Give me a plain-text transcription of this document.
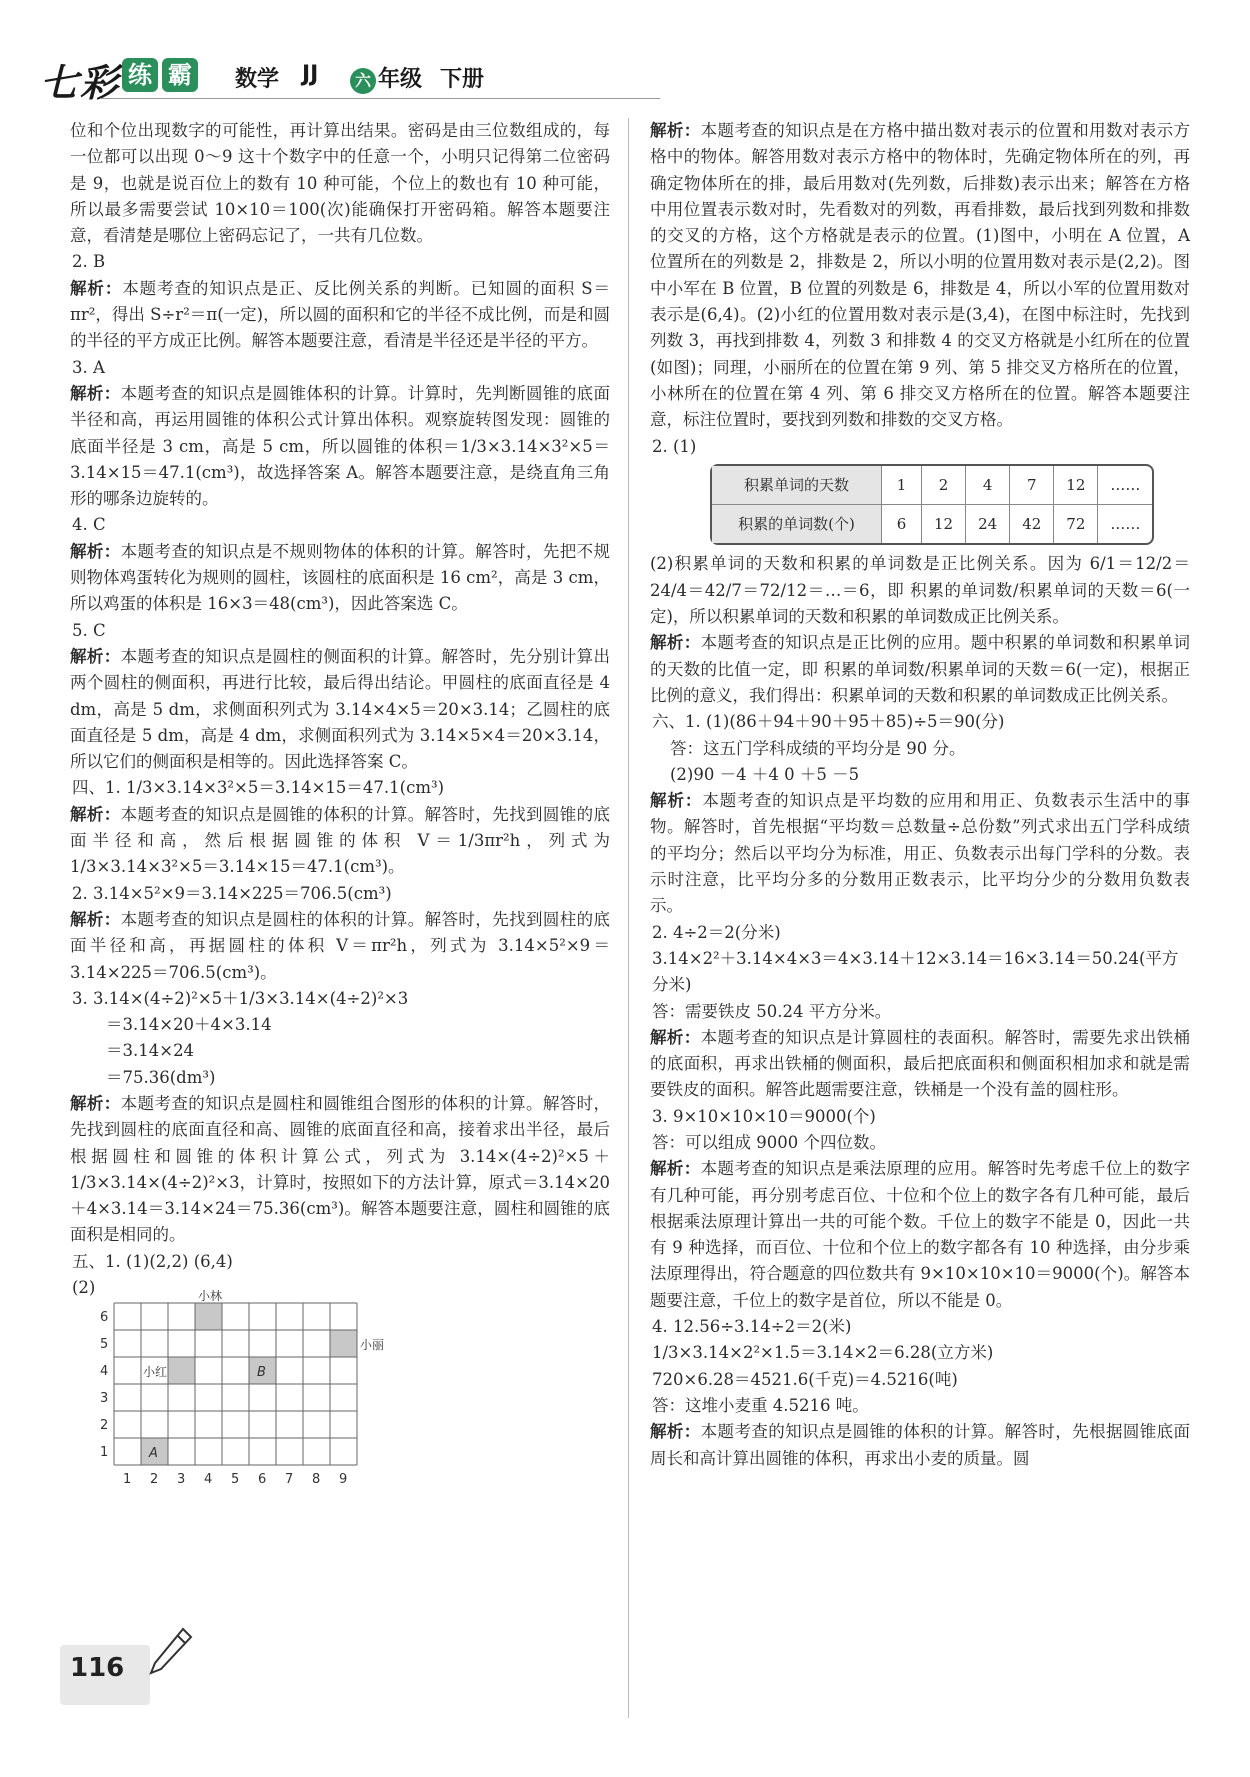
七彩 练 霸 数学 JJ	六 年级 下册
位和个位出现数字的可能性，再计算出结果。密码是由三位数组成的，每一位都可以出现 0～9 这十个数字中的任意一个，小明只记得第二位密码是 9，也就是说百位上的数有 10 种可能，个位上的数也有 10 种可能，所以最多需要尝试 10×10＝100(次)能确保打开密码箱。解答本题要注意，看清楚是哪位上密码忘记了，一共有几位数。
2. B
解析：本题考查的知识点是正、反比例关系的判断。已知圆的面积 S＝πr²，得出 S÷r²＝π(一定)，所以圆的面积和它的半径不成比例，而是和圆的半径的平方成正比例。解答本题要注意，看清是半径还是半径的平方。
3. A
解析：本题考查的知识点是圆锥体积的计算。计算时，先判断圆锥的底面半径和高，再运用圆锥的体积公式计算出体积。观察旋转图发现：圆锥的底面半径是 3 cm，高是 5 cm，所以圆锥的体积＝1/3×3.14×3²×5＝3.14×15＝47.1(cm³)，故选择答案 A。解答本题要注意，是绕直角三角形的哪条边旋转的。
4. C
解析：本题考查的知识点是不规则物体的体积的计算。解答时，先把不规则物体鸡蛋转化为规则的圆柱，该圆柱的底面积是 16 cm²，高是 3 cm，所以鸡蛋的体积是 16×3＝48(cm³)，因此答案选 C。
5. C
解析：本题考查的知识点是圆柱的侧面积的计算。解答时，先分别计算出两个圆柱的侧面积，再进行比较，最后得出结论。甲圆柱的底面直径是 4 dm，高是 5 dm，求侧面积列式为 3.14×4×5＝20×3.14；乙圆柱的底面直径是 5 dm，高是 4 dm，求侧面积列式为 3.14×5×4＝20×3.14，所以它们的侧面积是相等的。因此选择答案 C。
四、1. 1/3×3.14×3²×5＝3.14×15＝47.1(cm³)
解析：本题考查的知识点是圆锥的体积的计算。解答时，先找到圆锥的底面半径和高，然后根据圆锥的体积 V＝1/3πr²h，列式为 1/3×3.14×3²×5＝3.14×15＝47.1(cm³)。
2. 3.14×5²×9＝3.14×225＝706.5(cm³)
解析：本题考查的知识点是圆柱的体积的计算。解答时，先找到圆柱的底面半径和高，再据圆柱的体积 V＝πr²h，列式为 3.14×5²×9＝3.14×225＝706.5(cm³)。
3. 3.14×(4÷2)²×5＋1/3×3.14×(4÷2)²×3
＝3.14×20＋4×3.14
＝3.14×24
＝75.36(dm³)
解析：本题考查的知识点是圆柱和圆锥组合图形的体积的计算。解答时，先找到圆柱的底面直径和高、圆锥的底面直径和高，接着求出半径，最后根据圆柱和圆锥的体积计算公式，列式为 3.14×(4÷2)²×5＋1/3×3.14×(4÷2)²×3，计算时，按照如下的方法计算，原式＝3.14×20＋4×3.14＝3.14×24＝75.36(cm³)。解答本题要注意，圆柱和圆锥的底面积是相同的。
五、1. (1)(2,2) (6,4)
(2)
6
5
4
3
2
1
1 2 3 4 5 6 7 8 9
A
B
小红
小丽
小林
解析：本题考查的知识点是在方格中描出数对表示的位置和用数对表示方格中的物体。解答用数对表示方格中的物体时，先确定物体所在的列，再确定物体所在的排，最后用数对(先列数，后排数)表示出来；解答在方格中用位置表示数对时，先看数对的列数，再看排数，最后找到列数和排数的交叉的方格，这个方格就是表示的位置。(1)图中，小明在 A 位置，A 位置所在的列数是 2，排数是 2，所以小明的位置用数对表示是(2,2)。图中小军在 B 位置，B 位置的列数是 6，排数是 4，所以小军的位置用数对表示是(6,4)。(2)小红的位置用数对表示是(3,4)，在图中标注时，先找到列数 3，再找到排数 4，列数 3 和排数 4 的交叉方格就是小红所在的位置(如图)；同理，小丽所在的位置在第 9 列、第 5 排交叉方格所在的位置，小林所在的位置在第 4 列、第 6 排交叉方格所在的位置。解答本题要注意，标注位置时，要找到列数和排数的交叉方格。
2. (1)
积累单词的天数	1	2	4	7	12	……
积累的单词数(个)	6	12	24	42	72	……
(2)积累单词的天数和积累的单词数是正比例关系。因为 6/1＝12/2＝24/4＝42/7＝72/12＝…＝6，即 积累的单词数/积累单词的天数＝6(一定)，所以积累单词的天数和积累的单词数成正比例关系。
解析：本题考查的知识点是正比例的应用。题中积累的单词数和积累单词的天数的比值一定，即 积累的单词数/积累单词的天数＝6(一定)，根据正比例的意义，我们得出：积累单词的天数和积累的单词数成正比例关系。
六、1. (1)(86＋94＋90＋95＋85)÷5＝90(分)
答：这五门学科成绩的平均分是 90 分。
(2)90 －4 ＋4 0 ＋5 －5
解析：本题考查的知识点是平均数的应用和用正、负数表示生活中的事物。解答时，首先根据“平均数＝总数量÷总份数”列式求出五门学科成绩的平均分；然后以平均分为标准，用正、负数表示出每门学科的分数。表示时注意，比平均分多的分数用正数表示，比平均分少的分数用负数表示。
2. 4÷2＝2(分米)
3.14×2²＋3.14×4×3＝4×3.14＋12×3.14＝16×3.14＝50.24(平方分米)
答：需要铁皮 50.24 平方分米。
解析：本题考查的知识点是计算圆柱的表面积。解答时，需要先求出铁桶的底面积，再求出铁桶的侧面积，最后把底面积和侧面积相加求和就是需要铁皮的面积。解答此题需要注意，铁桶是一个没有盖的圆柱形。
3. 9×10×10×10＝9000(个)
答：可以组成 9000 个四位数。
解析：本题考查的知识点是乘法原理的应用。解答时先考虑千位上的数字有几种可能，再分别考虑百位、十位和个位上的数字各有几种可能，最后根据乘法原理计算出一共的可能个数。千位上的数字不能是 0，因此一共有 9 种选择，而百位、十位和个位上的数字都各有 10 种选择，由分步乘法原理得出，符合题意的四位数共有 9×10×10×10＝9000(个)。解答本题要注意，千位上的数字是首位，所以不能是 0。
4. 12.56÷3.14÷2＝2(米)
1/3×3.14×2²×1.5＝3.14×2＝6.28(立方米)
720×6.28＝4521.6(千克)＝4.5216(吨)
答：这堆小麦重 4.5216 吨。
解析：本题考查的知识点是圆锥的体积的计算。解答时，先根据圆锥底面周长和高计算出圆锥的体积，再求出小麦的质量。圆
116
